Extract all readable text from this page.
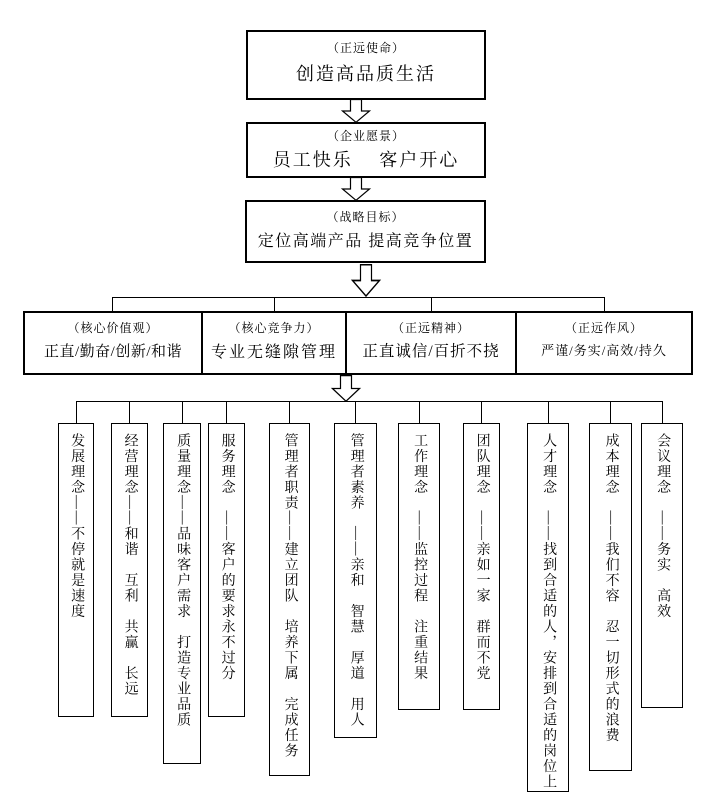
（正远使命）
创造高品质生活
（企业愿景）
员工快乐　 客户开心
（战略目标）
定位高端产品 提高竞争位置
（核心价值观）
正直/勤奋/创新/和谐
（核心竞争力）
专业无缝隙管理
（正远精神）
正直诚信/百折不挠
（正远作风）
严谨/务实/高效/持久
发展理念——不停就是速度	经营理念——和谐　互利　共赢　长远	质量理念——品味客户需求　打造专业品质 服务理念　——客户的要求永不过分	管理者职责——建立团队　培养下属　完成任务	管理者素养　——亲和　智慧　厚道　用人	工作理念　——监控过程　注重结果	团队理念　——亲如一家　群而不党	人才理念　——找到合适的人，安排到合适的岗位上	成本理念　——我们不容　忍一切形式的浪费	会议理念　——务实　高效
